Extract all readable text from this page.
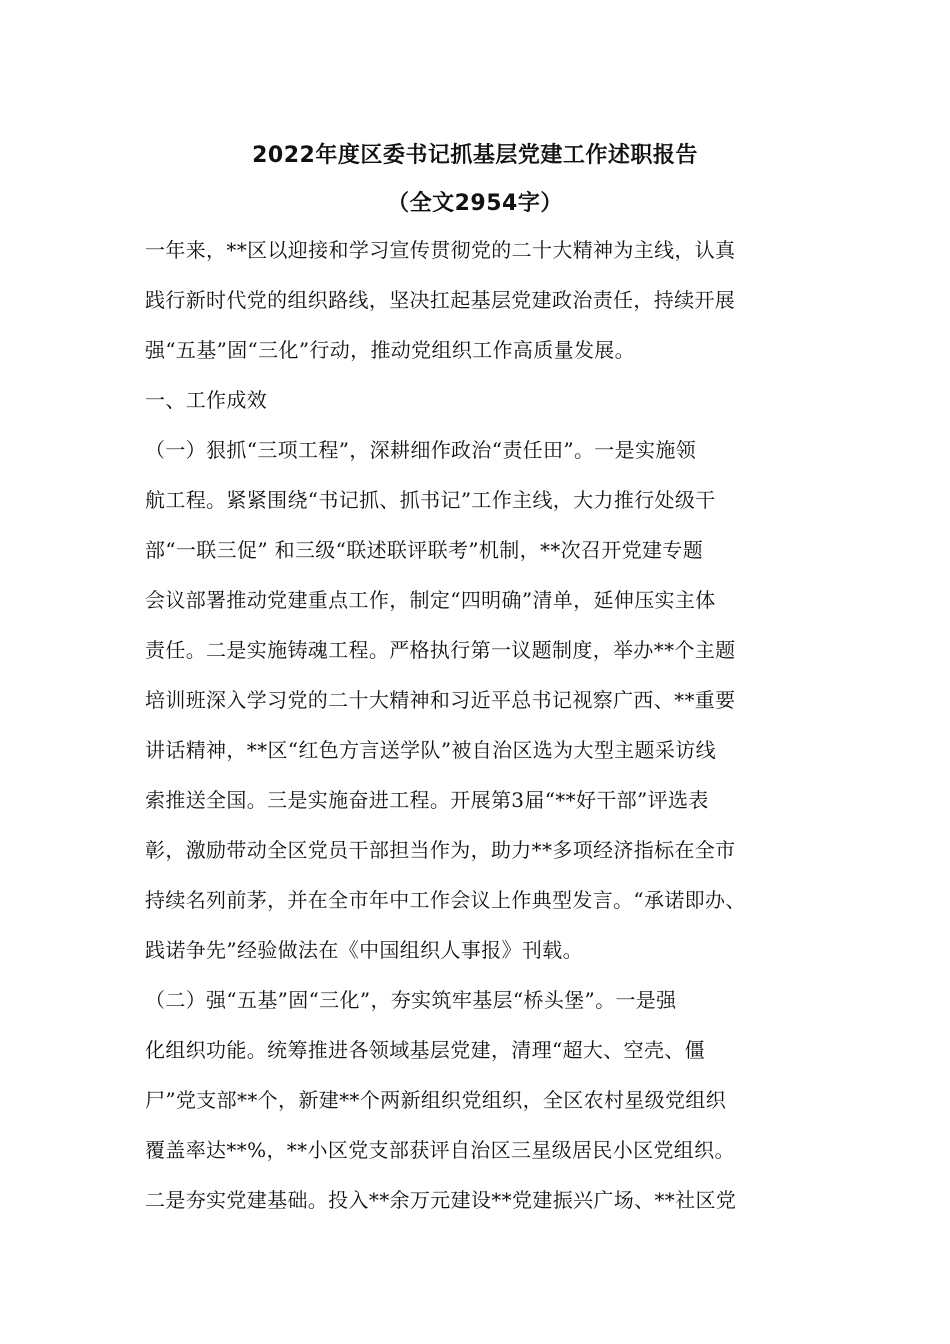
2022年度区委书记抓基层党建工作述职报告
（全文2954字）
一年来，**区以迎接和学习宣传贯彻党的二十大精神为主线，认真
践行新时代党的组织路线，坚决扛起基层党建政治责任，持续开展
强“五基”固“三化”行动，推动党组织工作高质量发展。
一、工作成效
（一）狠抓“三项工程”，深耕细作政治“责任田”。一是实施领
航工程。紧紧围绕“书记抓、抓书记”工作主线，大力推行处级干
部“一联三促” 和三级“联述联评联考”机制，**次召开党建专题
会议部署推动党建重点工作，制定“四明确”清单，延伸压实主体
责任。二是实施铸魂工程。严格执行第一议题制度，举办**个主题
培训班深入学习党的二十大精神和习近平总书记视察广西、**重要
讲话精神，**区“红色方言送学队”被自治区选为大型主题采访线
索推送全国。三是实施奋进工程。开展第3届“**好干部”评选表
彰，激励带动全区党员干部担当作为，助力**多项经济指标在全市
持续名列前茅，并在全市年中工作会议上作典型发言。“承诺即办、
践诺争先”经验做法在《中国组织人事报》刊载。
（二）强“五基”固“三化”，夯实筑牢基层“桥头堡”。一是强
化组织功能。统筹推进各领域基层党建，清理“超大、空壳、僵
尸”党支部**个，新建**个两新组织党组织，全区农村星级党组织
覆盖率达**%，**小区党支部获评自治区三星级居民小区党组织。
二是夯实党建基础。投入**余万元建设**党建振兴广场、**社区党
